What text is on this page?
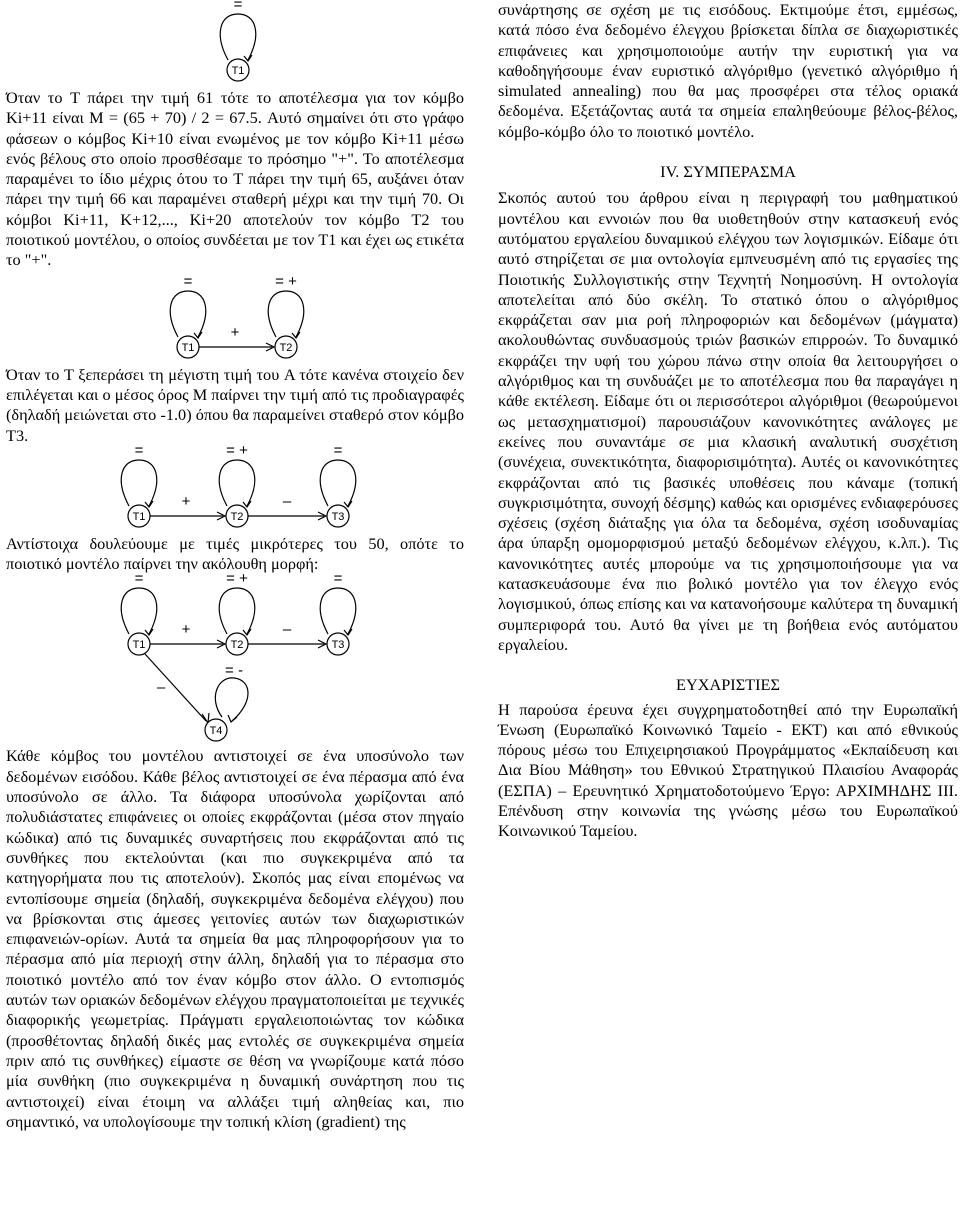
T1
=

Όταν το T πάρει την τιμή 61 τότε το αποτέλεσμα για τον κόμβο Ki+11 είναι M = (65 + 70) / 2 = 67.5. Αυτό σημαίνει ότι στο γράφο φάσεων ο κόμβος Ki+10 είναι ενωμένος με τον κόμβο Ki+11 μέσω ενός βέλους στο οποίο προσθέσαμε το πρόσημο "+". Το αποτέλεσμα παραμένει το ίδιο μέχρις ότου το T πάρει την τιμή 65, αυξάνει όταν πάρει την τιμή 66 και παραμένει σταθερή μέχρι και την τιμή 70. Οι κόμβοι Ki+11, K+12,..., Ki+20 αποτελούν τον κόμβο T2 του ποιοτικού μοντέλου, ο οποίος συνδέεται με τον T1 και έχει ως ετικέτα το "+".

T1	T2
=	= +
+

Όταν το T ξεπεράσει τη μέγιστη τιμή του A τότε κανένα στοιχείο δεν επιλέγεται και ο μέσος όρος M παίρνει την τιμή από τις προδιαγραφές (δηλαδή μειώνεται στο -1.0) όπου θα παραμείνει σταθερό στον κόμβο T3.

T1	T2	T3
=	= +	=
+	–

Αντίστοιχα δουλεύουμε με τιμές μικρότερες του 50, οπότε το ποιοτικό μοντέλο παίρνει την ακόλουθη μορφή:

T1	T2	T3
T4
=	= +	=
= -
+	–
–

Κάθε κόμβος του μοντέλου αντιστοιχεί σε ένα υποσύνολο των δεδομένων εισόδου. Κάθε βέλος αντιστοιχεί σε ένα πέρασμα από ένα υποσύνολο σε άλλο. Τα διάφορα υποσύνολα χωρίζονται από πολυδιάστατες επιφάνειες οι οποίες εκφράζονται (μέσα στον πηγαίο κώδικα) από τις δυναμικές συναρτήσεις που εκφράζονται από τις συνθήκες που εκτελούνται (και πιο συγκεκριμένα από τα κατηγορήματα που τις αποτελούν). Σκοπός μας είναι επομένως να εντοπίσουμε σημεία (δηλαδή, συγκεκριμένα δεδομένα ελέγχου) που να βρίσκονται στις άμεσες γειτονίες αυτών των διαχωριστικών επιφανειών-ορίων. Αυτά τα σημεία θα μας πληροφορήσουν για το πέρασμα από μία περιοχή στην άλλη, δηλαδή για το πέρασμα στο ποιοτικό μοντέλο από τον έναν κόμβο στον άλλο. Ο εντοπισμός αυτών των οριακών δεδομένων ελέγχου πραγματοποιείται με τεχνικές διαφορικής γεωμετρίας. Πράγματι εργαλειοποιώντας τον κώδικα (προσθέτοντας δηλαδή δικές μας εντολές σε συγκεκριμένα σημεία πριν από τις συνθήκες) είμαστε σε θέση να γνωρίζουμε κατά πόσο μία συνθήκη (πιο συγκεκριμένα η δυναμική συνάρτηση που τις αντιστοιχεί) είναι έτοιμη να αλλάξει τιμή αληθείας και, πιο σημαντικό, να υπολογίσουμε την τοπική κλίση (gradient) της

συνάρτησης σε σχέση με τις εισόδους. Εκτιμούμε έτσι, εμμέσως, κατά πόσο ένα δεδομένο έλεγχου βρίσκεται δίπλα σε διαχωριστικές επιφάνειες και χρησιμοποιούμε αυτήν την ευριστική για να καθοδηγήσουμε έναν ευριστικό αλγόριθμο (γενετικό αλγόριθμο ή simulated annealing) που θα μας προσφέρει στα τέλος οριακά δεδομένα. Εξετάζοντας αυτά τα σημεία επαληθεύουμε βέλος-βέλος, κόμβο-κόμβο όλο το ποιοτικό μοντέλο.

IV. ΣΥΜΠΕΡΑΣΜΑ

Σκοπός αυτού του άρθρου είναι η περιγραφή του μαθηματικού μοντέλου και εννοιών που θα υιοθετηθούν στην κατασκευή ενός αυτόματου εργαλείου δυναμικού ελέγχου των λογισμικών. Είδαμε ότι αυτό στηρίζεται σε μια οντολογία εμπνευσμένη από τις εργασίες της Ποιοτικής Συλλογιστικής στην Τεχνητή Νοημοσύνη. Η οντολογία αποτελείται από δύο σκέλη. Το στατικό όπου ο αλγόριθμος εκφράζεται σαν μια ροή πληροφοριών και δεδομένων (μάγματα) ακολουθώντας συνδυασμούς τριών βασικών επιρροών. Το δυναμικό εκφράζει την υφή του χώρου πάνω στην οποία θα λειτουργήσει ο αλγόριθμος και τη συνδυάζει με το αποτέλεσμα που θα παραγάγει η κάθε εκτέλεση. Είδαμε ότι οι περισσότεροι αλγόριθμοι (θεωρούμενοι ως μετασχηματισμοί) παρουσιάζουν κανονικότητες ανάλογες με εκείνες που συναντάμε σε μια κλασική αναλυτική συσχέτιση (συνέχεια, συνεκτικότητα, διαφορισιμότητα). Αυτές οι κανονικότητες εκφράζονται από τις βασικές υποθέσεις που κάναμε (τοπική συγκρισιμότητα, συνοχή δέσμης) καθώς και ορισμένες ενδιαφερόυσες σχέσεις (σχέση διάταξης για όλα τα δεδομένα, σχέση ισοδυναμίας άρα ύπαρξη ομομορφισμού μεταξύ δεδομένων ελέγχου, κ.λπ.). Τις κανονικότητες αυτές μπορούμε να τις χρησιμοποιήσουμε για να κατασκευάσουμε ένα πιο βολικό μοντέλο για τον έλεγχο ενός λογισμικού, όπως επίσης και να κατανοήσουμε καλύτερα τη δυναμική συμπεριφορά του. Αυτό θα γίνει με τη βοήθεια ενός αυτόματου εργαλείου.

ΕΥΧΑΡΙΣΤΙΕΣ

Η παρούσα έρευνα έχει συγχρηματοδοτηθεί από την Ευρωπαϊκή Ένωση (Ευρωπαϊκό Κοινωνικό Ταμείο - ΕΚΤ) και από εθνικούς πόρους μέσω του Επιχειρησιακού Προγράμματος «Εκπαίδευση και Δια Βίου Μάθηση» του Εθνικού Στρατηγικού Πλαισίου Αναφοράς (ΕΣΠΑ) – Ερευνητικό Χρηματοδοτούμενο Έργο: ΑΡΧΙΜΗΔΗΣ ΙΙΙ. Επένδυση στην κοινωνία της γνώσης μέσω του Ευρωπαϊκού Κοινωνικού Ταμείου.
